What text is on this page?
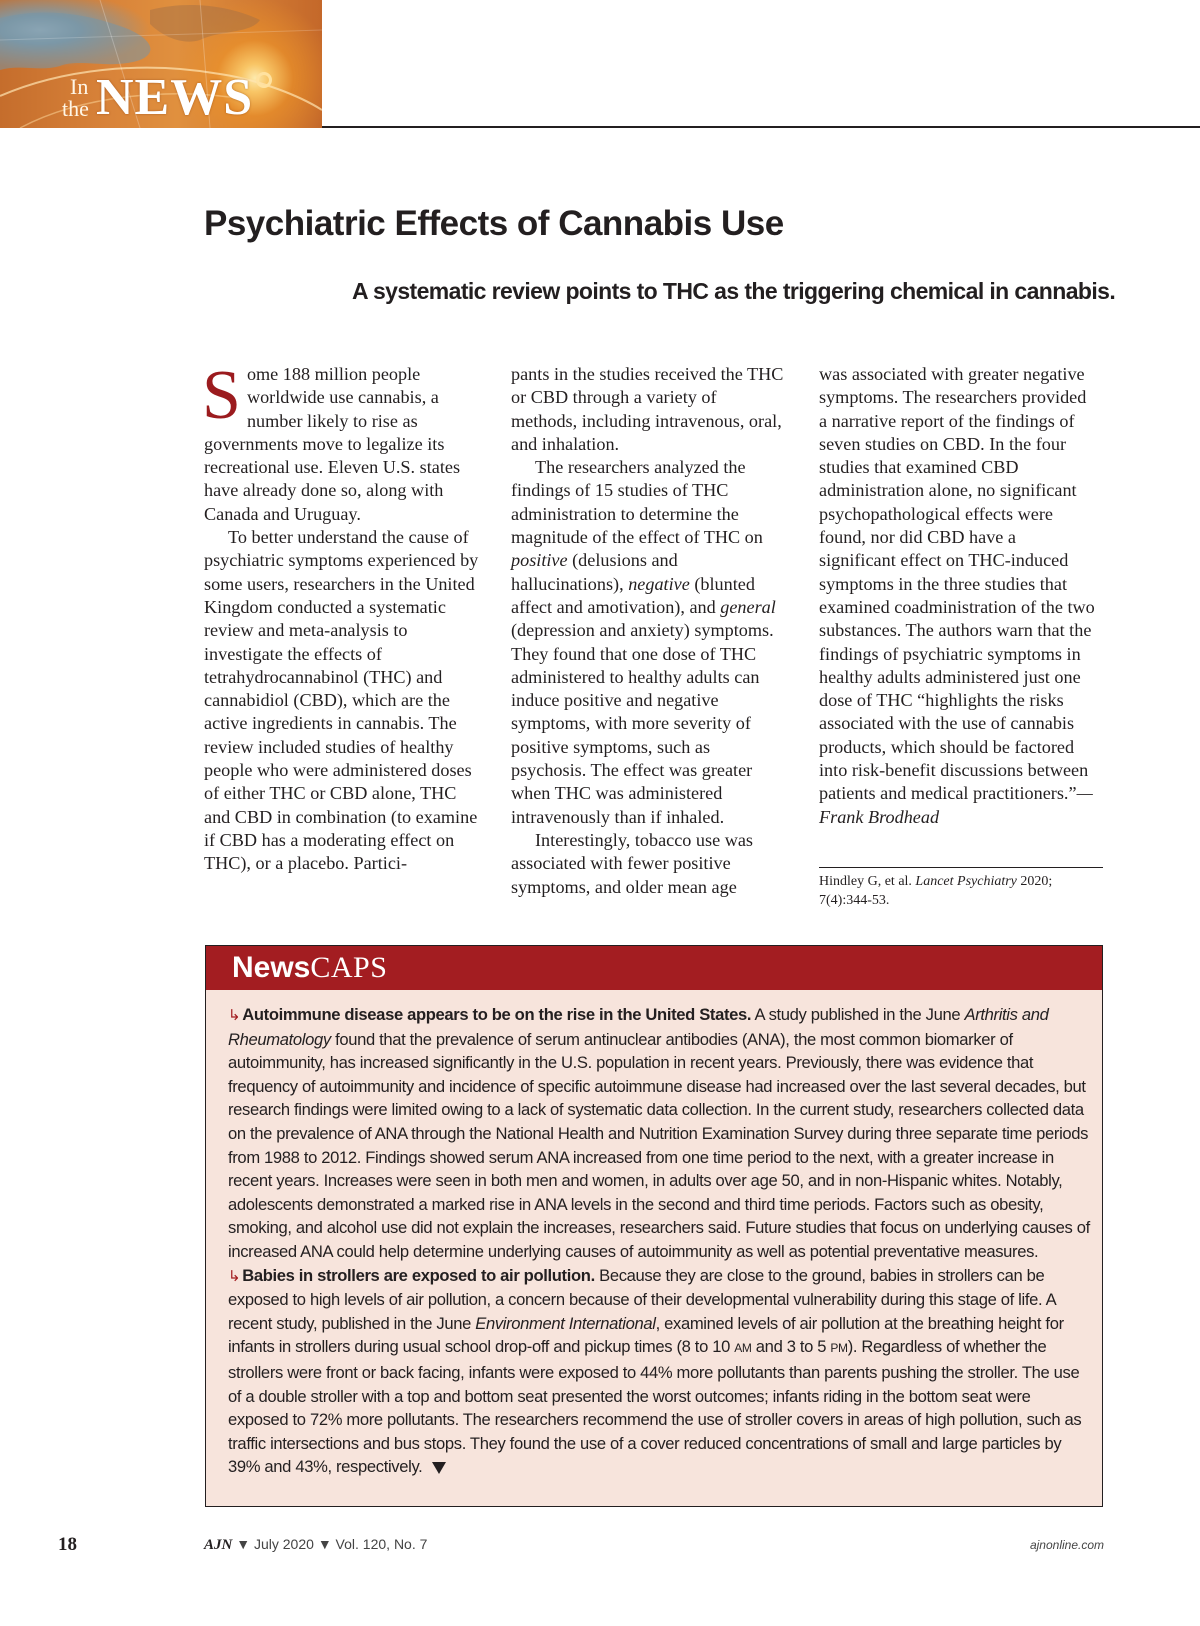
In
the NEWS
Psychiatric Effects of Cannabis Use
A systematic review points to THC as the triggering chemical in cannabis.

Some 188 million people worldwide use cannabis, a number likely to rise as governments move to legalize its recreational use. Eleven U.S. states have already done so, along with Canada and Uruguay.

To better understand the cause of psychiatric symptoms experienced by some users, researchers in the United Kingdom conducted a systematic review and meta-analysis to investigate the effects of tetrahydrocannabinol (THC) and cannabidiol (CBD), which are the active ingredients in cannabis. The review included studies of healthy people who were administered doses of either THC or CBD alone, THC and CBD in combination (to examine if CBD has a moderating effect on THC), or a placebo. Partici-

pants in the studies received the THC or CBD through a variety of methods, including intravenous, oral, and inhalation.

The researchers analyzed the findings of 15 studies of THC administration to determine the magnitude of the effect of THC on positive (delusions and hallucinations), negative (blunted affect and amotivation), and general (depression and anxiety) symptoms. They found that one dose of THC administered to healthy adults can induce positive and negative symptoms, with more severity of positive symptoms, such as psychosis. The effect was greater when THC was administered intravenously than if inhaled.

Interestingly, tobacco use was associated with fewer positive symptoms, and older mean age

was associated with greater negative symptoms. The researchers provided a narrative report of the findings of seven studies on CBD. In the four studies that examined CBD administration alone, no significant psychopathological effects were found, nor did CBD have a significant effect on THC-induced symptoms in the three studies that examined coadministration of the two substances. The authors warn that the findings of psychiatric symptoms in healthy adults administered just one dose of THC “highlights the risks associated with the use of cannabis products, which should be factored into risk-benefit discussions between patients and medical practitioners.”—Frank Brodhead

Hindley G, et al. Lancet Psychiatry 2020; 7(4):344-53.
NewsCAPS

↳ Autoimmune disease appears to be on the rise in the United States. A study published in the June Arthritis and Rheumatology found that the prevalence of serum antinuclear antibodies (ANA), the most common biomarker of autoimmunity, has increased significantly in the U.S. population in recent years. Previously, there was evidence that frequency of autoimmunity and incidence of specific autoimmune disease had increased over the last several decades, but research findings were limited owing to a lack of systematic data collection. In the current study, researchers collected data on the prevalence of ANA through the National Health and Nutrition Examination Survey during three separate time periods from 1988 to 2012. Findings showed serum ANA increased from one time period to the next, with a greater increase in recent years. Increases were seen in both men and women, in adults over age 50, and in non-Hispanic whites. Notably, adolescents demonstrated a marked rise in ANA levels in the second and third time periods. Factors such as obesity, smoking, and alcohol use did not explain the increases, researchers said. Future studies that focus on underlying causes of increased ANA could help determine underlying causes of autoimmunity as well as potential preventative measures.

↳ Babies in strollers are exposed to air pollution. Because they are close to the ground, babies in strollers can be exposed to high levels of air pollution, a concern because of their developmental vulnerability during this stage of life. A recent study, published in the June Environment International, examined levels of air pollution at the breathing height for infants in strollers during usual school drop-off and pickup times (8 to 10 AM and 3 to 5 PM). Regardless of whether the strollers were front or back facing, infants were exposed to 44% more pollutants than parents pushing the stroller. The use of a double stroller with a top and bottom seat presented the worst outcomes; infants riding in the bottom seat were exposed to 72% more pollutants. The researchers recommend the use of stroller covers in areas of high pollution, such as traffic intersections and bus stops. They found the use of a cover reduced concentrations of small and large particles by 39% and 43%, respectively.

18	AJN ▼ July 2020 ▼ Vol. 120, No. 7	ajnonline.com
